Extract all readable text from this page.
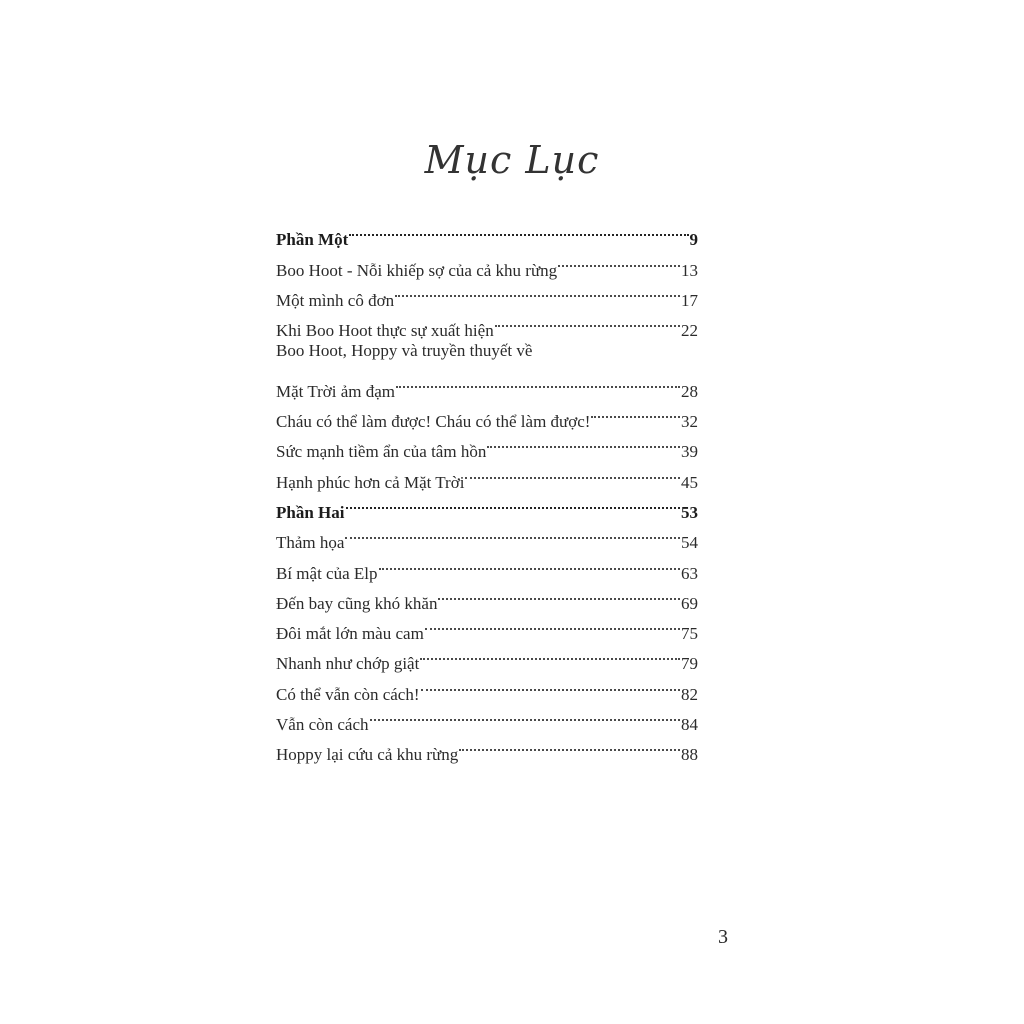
Mục Lục
Phần Một	9
Boo Hoot - Nỗi khiếp sợ của cả khu rừng	13
Một mình cô đơn	17
Khi Boo Hoot thực sự xuất hiện	22
Boo Hoot, Hoppy và truyền thuyết về
Mặt Trời ảm đạm	28
Cháu có thể làm được! Cháu có thể làm được!	32
Sức mạnh tiềm ẩn của tâm hồn	39
Hạnh phúc hơn cả Mặt Trời	45
Phần Hai	53
Thảm họa	54
Bí mật của Elp	63
Đến bay cũng khó khăn	69
Đôi mắt lớn màu cam	75
Nhanh như chớp giật	79
Có thể vẫn còn cách!	82
Vẫn còn cách	84
Hoppy lại cứu cả khu rừng	88
3
